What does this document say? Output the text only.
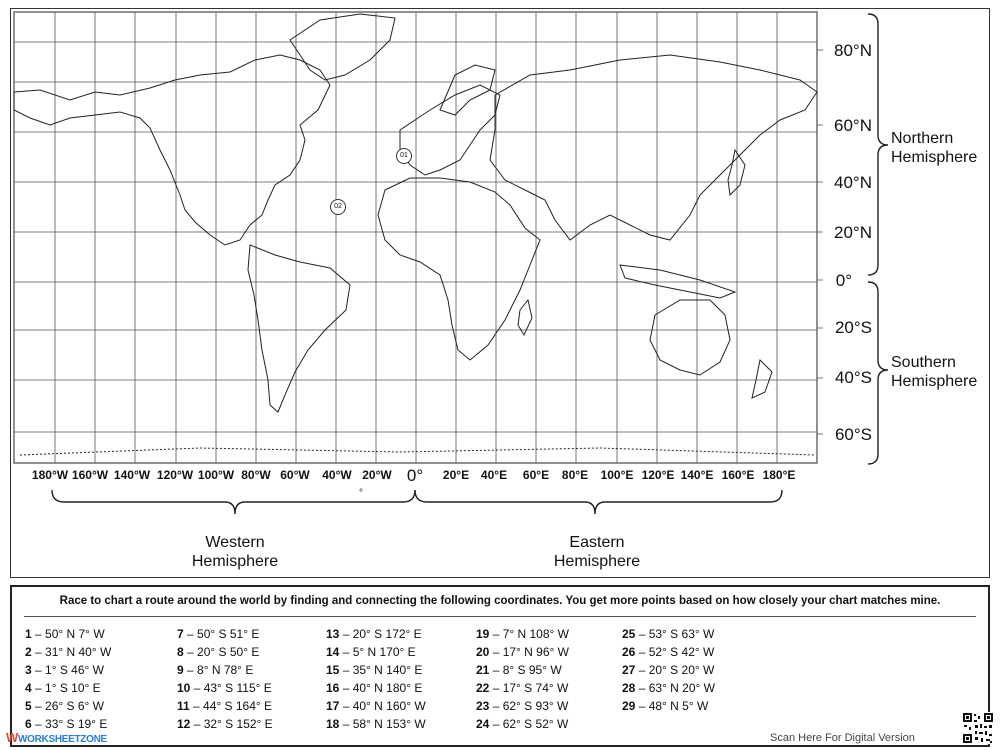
01
02
80°N
60°N
40°N
20°N
0°
20°S
40°S
60°S
180°W 160°W 140°W 120°W 100°W 80°W 60°W	40°W 20°W 0°	20°E 40°E	60°E	80°E	100°E 120°E 140°E 160°E 180°E
°
Northern
Hemisphere
Southern
Hemisphere
Western
Hemisphere
Eastern
Hemisphere
Race to chart a route around the world by finding and connecting the following coordinates. You get more points based on how closely your chart matches mine.
1 – 50° N 7° W
2 – 31° N 40° W
3 – 1° S 46° W
4 – 1° S 10° E
5 – 26° S 6° W
6 – 33° S 19° E
7 – 50° S 51° E
8 – 20° S 50° E
9 – 8° N 78° E
10 – 43° S 115° E
11 – 44° S 164° E
12 – 32° S 152° E
13 – 20° S 172° E
14 – 5° N 170° E
15 – 35° N 140° E
16 – 40° N 180° E
17 – 40° N 160° W
18 – 58° N 153° W
19 – 7° N 108° W
20 – 17° N 96° W
21 – 8° S 95° W
22 – 17° S 74° W
23 – 62° S 93° W
24 – 62° S 52° W
25 – 53° S 63° W
26 – 52° S 42° W
27 – 20° S 20° W
28 – 63° N 20° W
29 – 48° N 5° W
WWORKSHEETZONE	Scan Here For Digital Version
